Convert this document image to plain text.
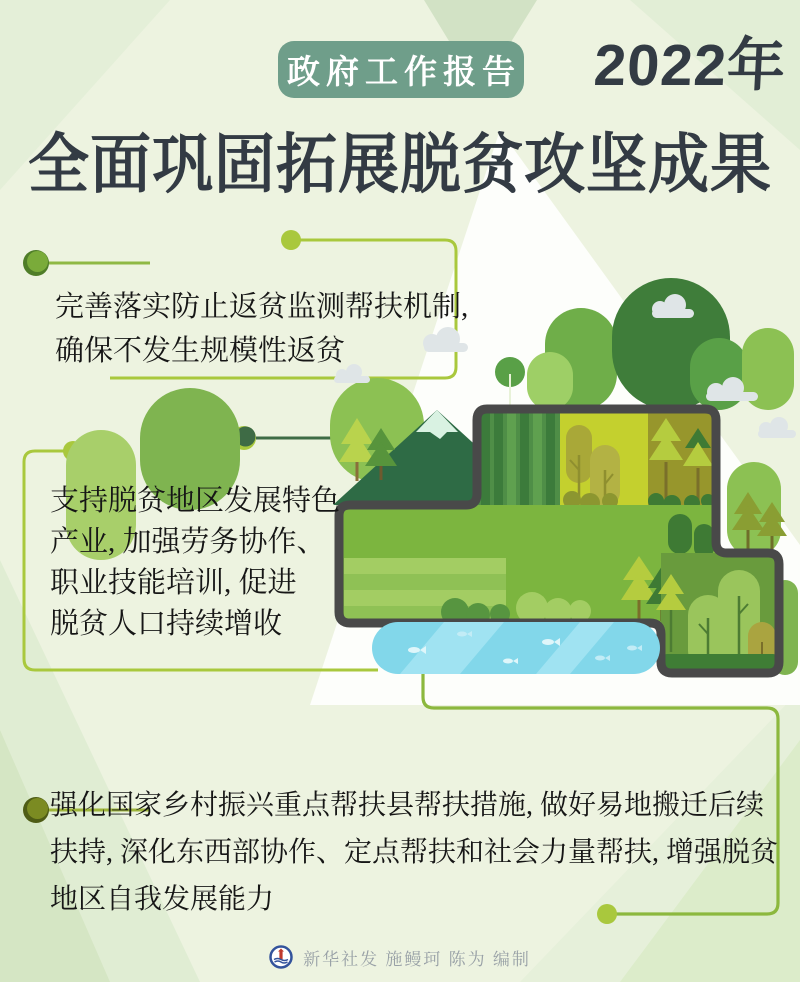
政府工作报告	2022年
全面巩固拓展脱贫攻坚成果
完善落实防止返贫监测帮扶机制,
确保不发生规模性返贫
支持脱贫地区发展特色
产业, 加强劳务协作、
职业技能培训, 促进
脱贫人口持续增收
强化国家乡村振兴重点帮扶县帮扶措施, 做好易地搬迁后续
扶持, 深化东西部协作、定点帮扶和社会力量帮扶, 增强脱贫
地区自我发展能力
新华社发 施鳗珂 陈为 编制
